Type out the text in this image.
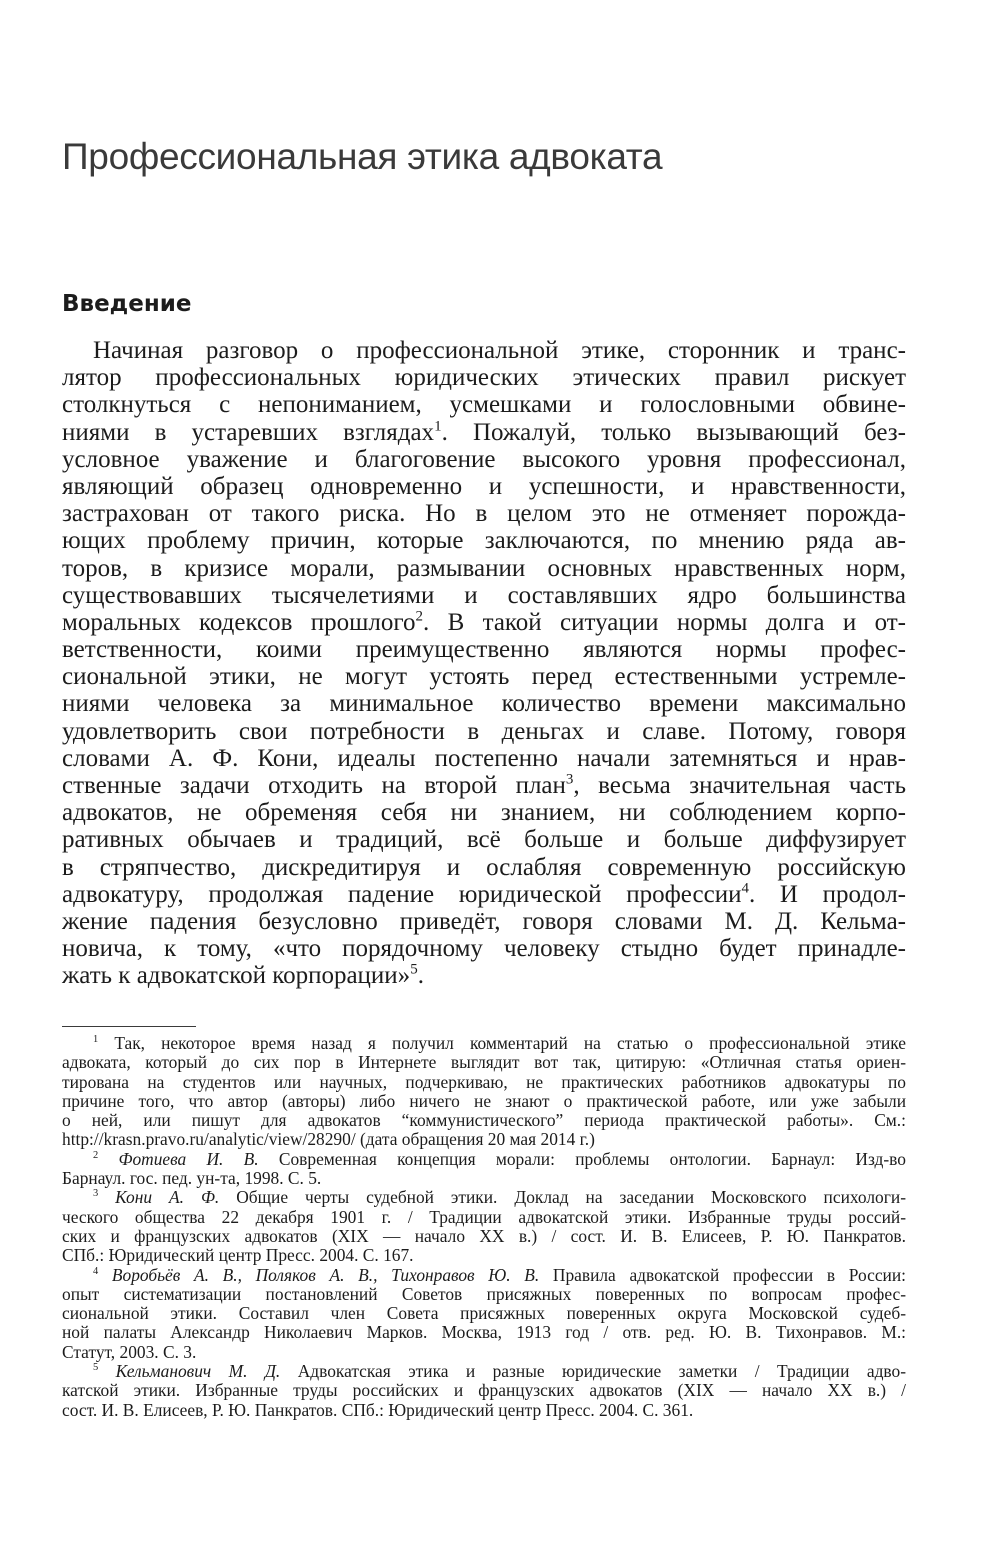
Профессиональная этика адвоката
Введение
Начиная разговор о профессиональной этике, сторонник и транс-
лятор профессиональных юридических этических правил рискует
столкнуться с непониманием, усмешками и голословными обвине-
ниями в устаревших взглядах$^1$. Пожалуй, только вызывающий без-
условное уважение и благоговение высокого уровня профессионал,
являющий образец одновременно и успешности, и нравственности,
застрахован от такого риска. Но в целом это не отменяет порожда-
ющих проблему причин, которые заключаются, по мнению ряда ав-
торов, в кризисе морали, размывании основных нравственных норм,
существовавших тысячелетиями и составлявших ядро большинства
моральных кодексов прошлого$^2$. В такой ситуации нормы долга и от-
ветственности, коими преимущественно являются нормы профес-
сиональной этики, не могут устоять перед естественными устремле-
ниями человека за минимальное количество времени максимально
удовлетворить свои потребности в деньгах и славе. Потому, говоря
словами А. Ф. Кони, идеалы постепенно начали затемняться и нрав-
ственные задачи отходить на второй план$^3$, весьма значительная часть
адвокатов, не обременяя себя ни знанием, ни соблюдением корпо-
ративных обычаев и традиций, всё больше и больше диффузирует
в стряпчество, дискредитируя и ослабляя современную российскую
адвокатуру, продолжая падение юридической профессии$^4$. И продол-
жение падения безусловно приведёт, говоря словами М. Д. Кельма-
новича, к тому, «что порядочному человеку стыдно будет принадле-
жать к адвокатской корпорации»$^5$.
$^1$ Так, некоторое время назад я получил комментарий на статью о профессиональной этике
адвоката, который до сих пор в Интернете выглядит вот так, цитирую: «Отличная статья ориен-
тирована на студентов или научных, подчеркиваю, не практических работников адвокатуры по
причине того, что автор (авторы) либо ничего не знают о практической работе, или уже забыли
о ней, или пишут для адвокатов “коммунистического” периода практической работы». См.:
http://krasn.pravo.ru/analytic/view/28290/ (дата обращения 20 мая 2014 г.)
$^2$ Фотиева И. В. Современная концепция морали: проблемы онтологии. Барнаул: Изд-во
Барнаул. гос. пед. ун-та, 1998. С. 5.
$^3$ Кони А. Ф. Общие черты судебной этики. Доклад на заседании Московского психологи-
ческого общества 22 декабря 1901 г. / Традиции адвокатской этики. Избранные труды россий-
ских и французских адвокатов (XIX — начало XX в.) / сост. И. В. Елисеев, Р. Ю. Панкратов.
СПб.: Юридический центр Пресс. 2004. С. 167.
$^4$ Воробьёв А. В., Поляков А. В., Тихонравов Ю. В. Правила адвокатской профессии в России:
опыт систематизации постановлений Советов присяжных поверенных по вопросам профес-
сиональной этики. Составил член Совета присяжных поверенных округа Московской судеб-
ной палаты Александр Николаевич Марков. Москва, 1913 год / отв. ред. Ю. В. Тихонравов. М.:
Статут, 2003. С. 3.
$^5$ Кельманович М. Д. Адвокатская этика и разные юридические заметки / Традиции адво-
катской этики. Избранные труды российских и французских адвокатов (XIX — начало XX в.) /
сост. И. В. Елисеев, Р. Ю. Панкратов. СПб.: Юридический центр Пресс. 2004. С. 361.
